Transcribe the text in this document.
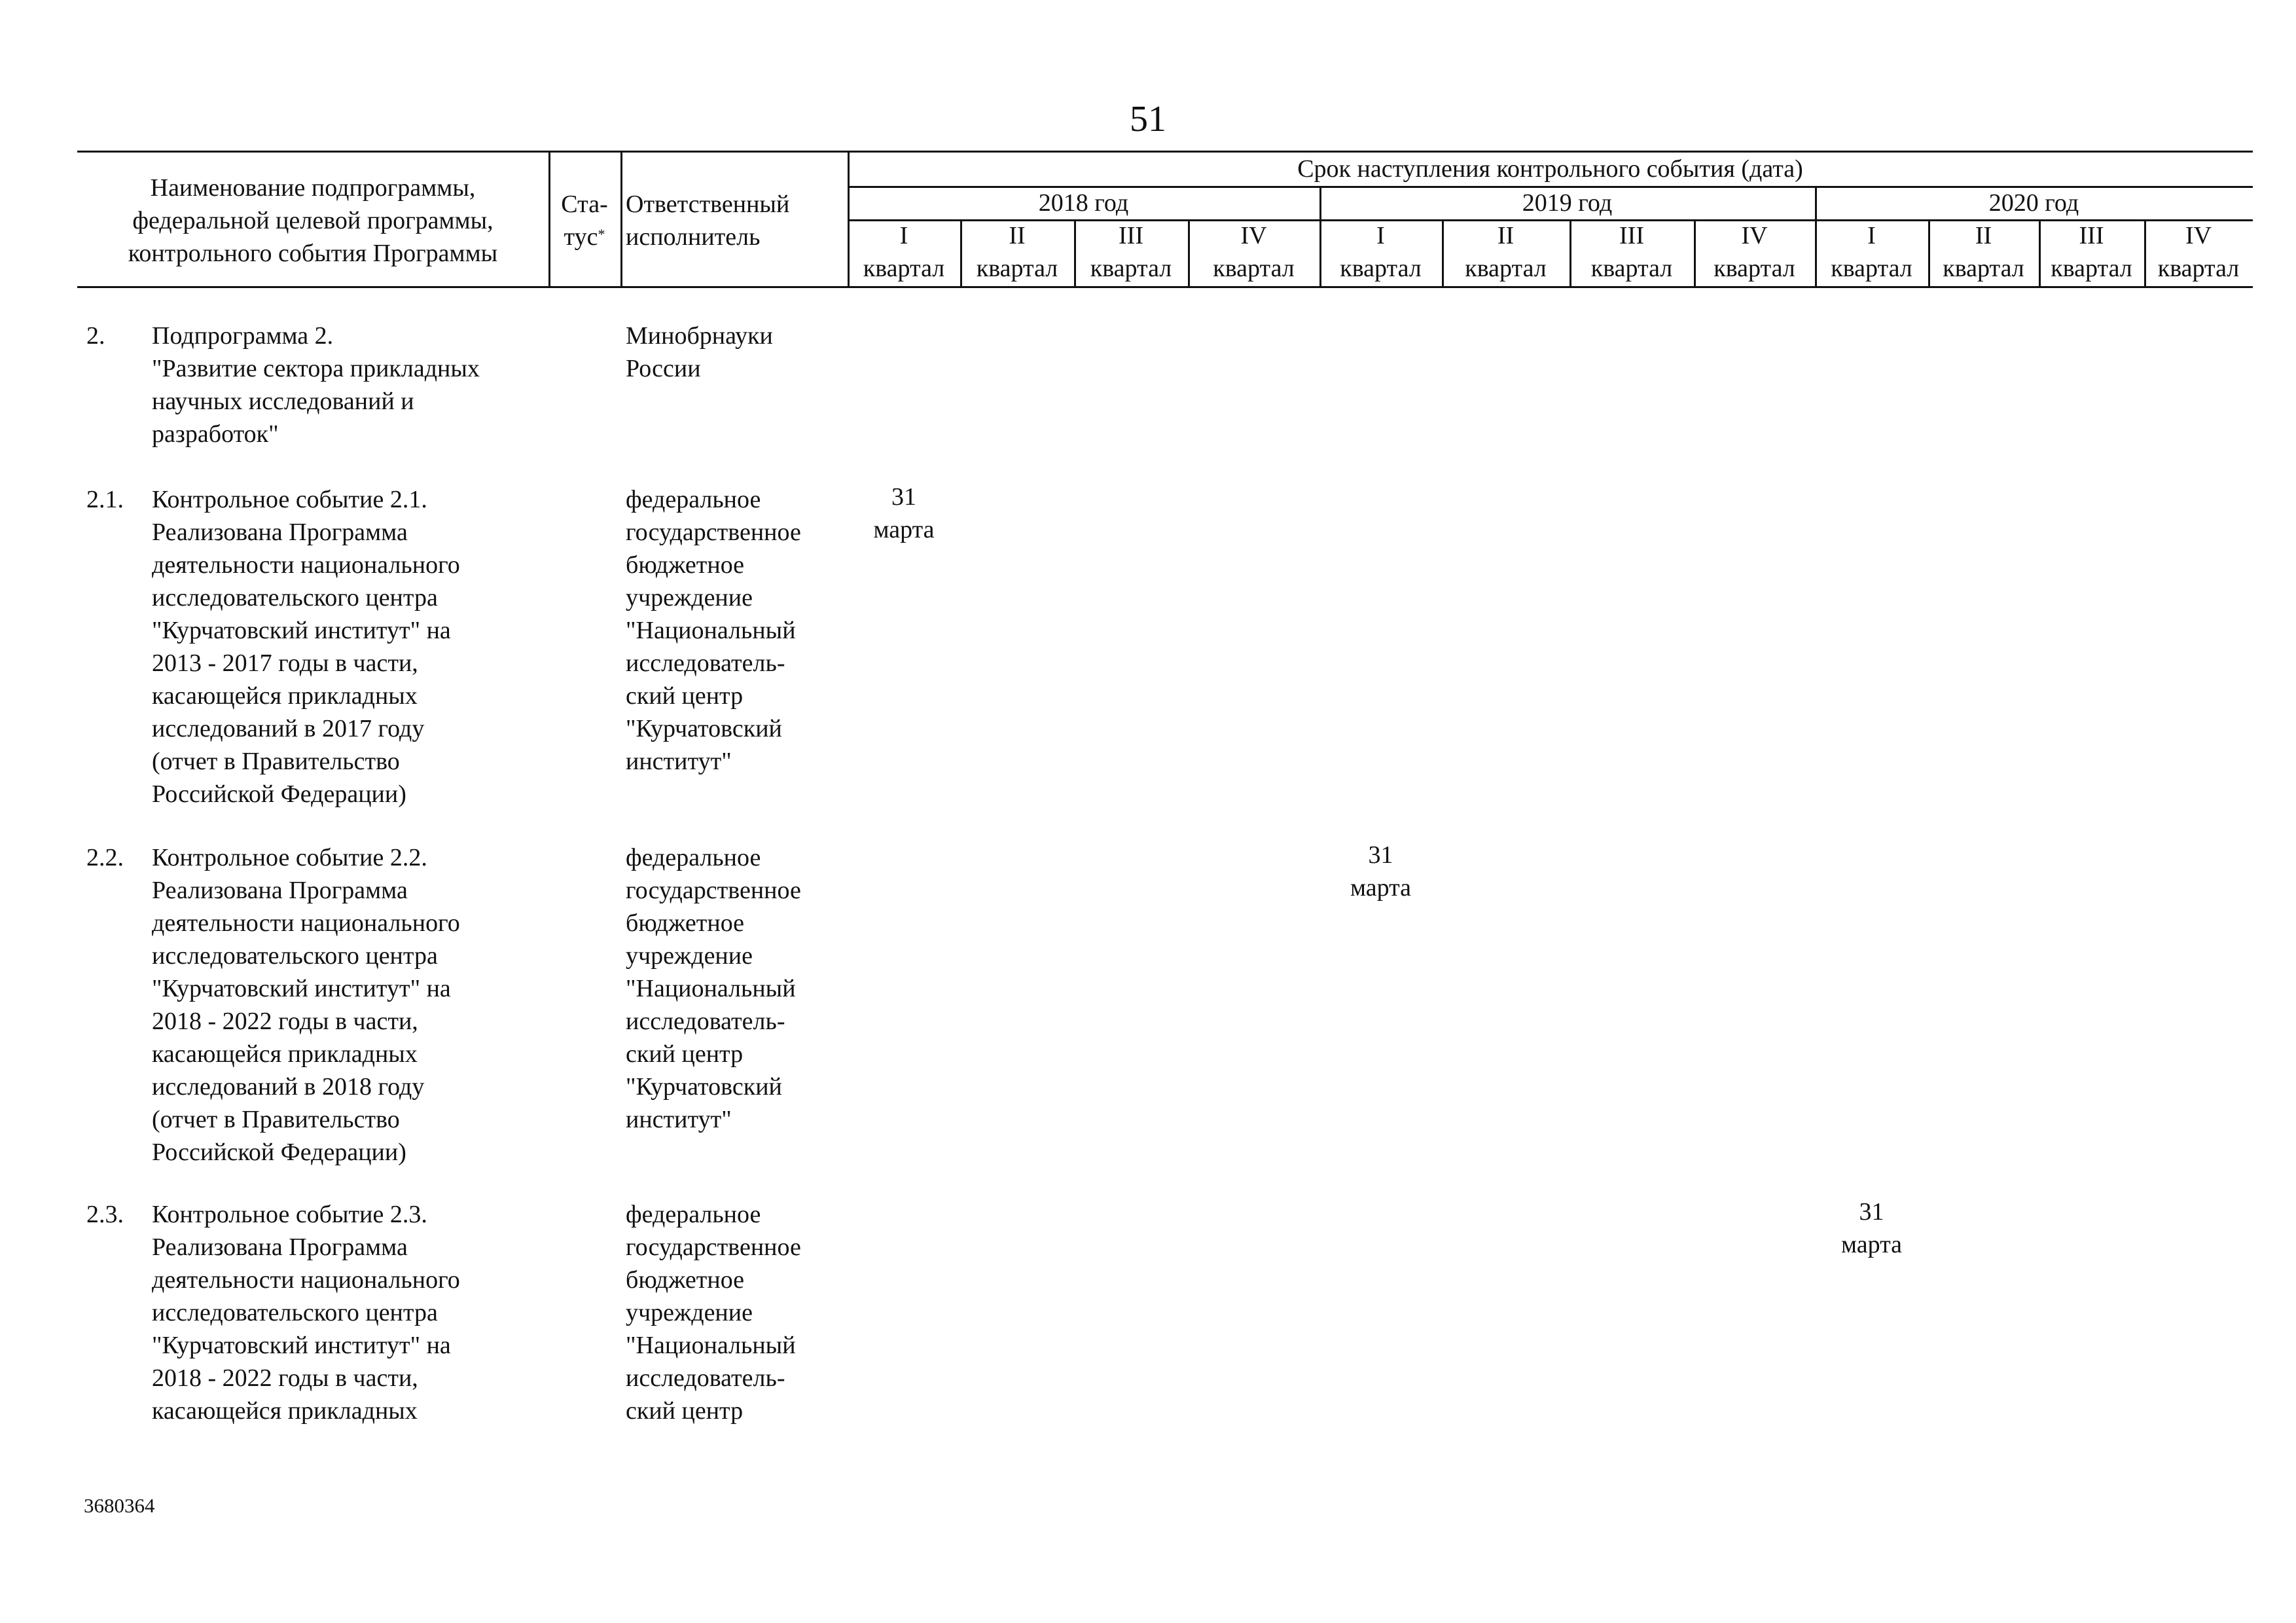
51
Наименование подпрограммы,
федеральной целевой программы,
контрольного события Программы
Ста-
тус*
Ответственный
исполнитель
Срок наступления контрольного события (дата)
2018 год	2019 год	2020 год
I
квартал
II
квартал
III
квартал
IV
квартал
I
квартал
II
квартал
III
квартал
IV
квартал
I
квартал
II
квартал
III
квартал
IV
квартал
2. Подпрограмма 2.
"Развитие сектора прикладных
научных исследований и
разработок"
Минобрнауки
России
2.1. Контрольное событие 2.1.
Реализована Программа
деятельности национального
исследовательского центра
"Курчатовский институт" на
2013 - 2017 годы в части,
касающейся прикладных
исследований в 2017 году
(отчет в Правительство
Российской Федерации)
федеральное
государственное
бюджетное
учреждение
"Национальный
исследователь-
ский центр
"Курчатовский
институт"
31
марта
2.2. Контрольное событие 2.2.
Реализована Программа
деятельности национального
исследовательского центра
"Курчатовский институт" на
2018 - 2022 годы в части,
касающейся прикладных
исследований в 2018 году
(отчет в Правительство
Российской Федерации)
федеральное
государственное
бюджетное
учреждение
"Национальный
исследователь-
ский центр
"Курчатовский
институт"
31
марта
2.3. Контрольное событие 2.3.
Реализована Программа
деятельности национального
исследовательского центра
"Курчатовский институт" на
2018 - 2022 годы в части,
касающейся прикладных
федеральное
государственное
бюджетное
учреждение
"Национальный
исследователь-
ский центр
31
марта
3680364
